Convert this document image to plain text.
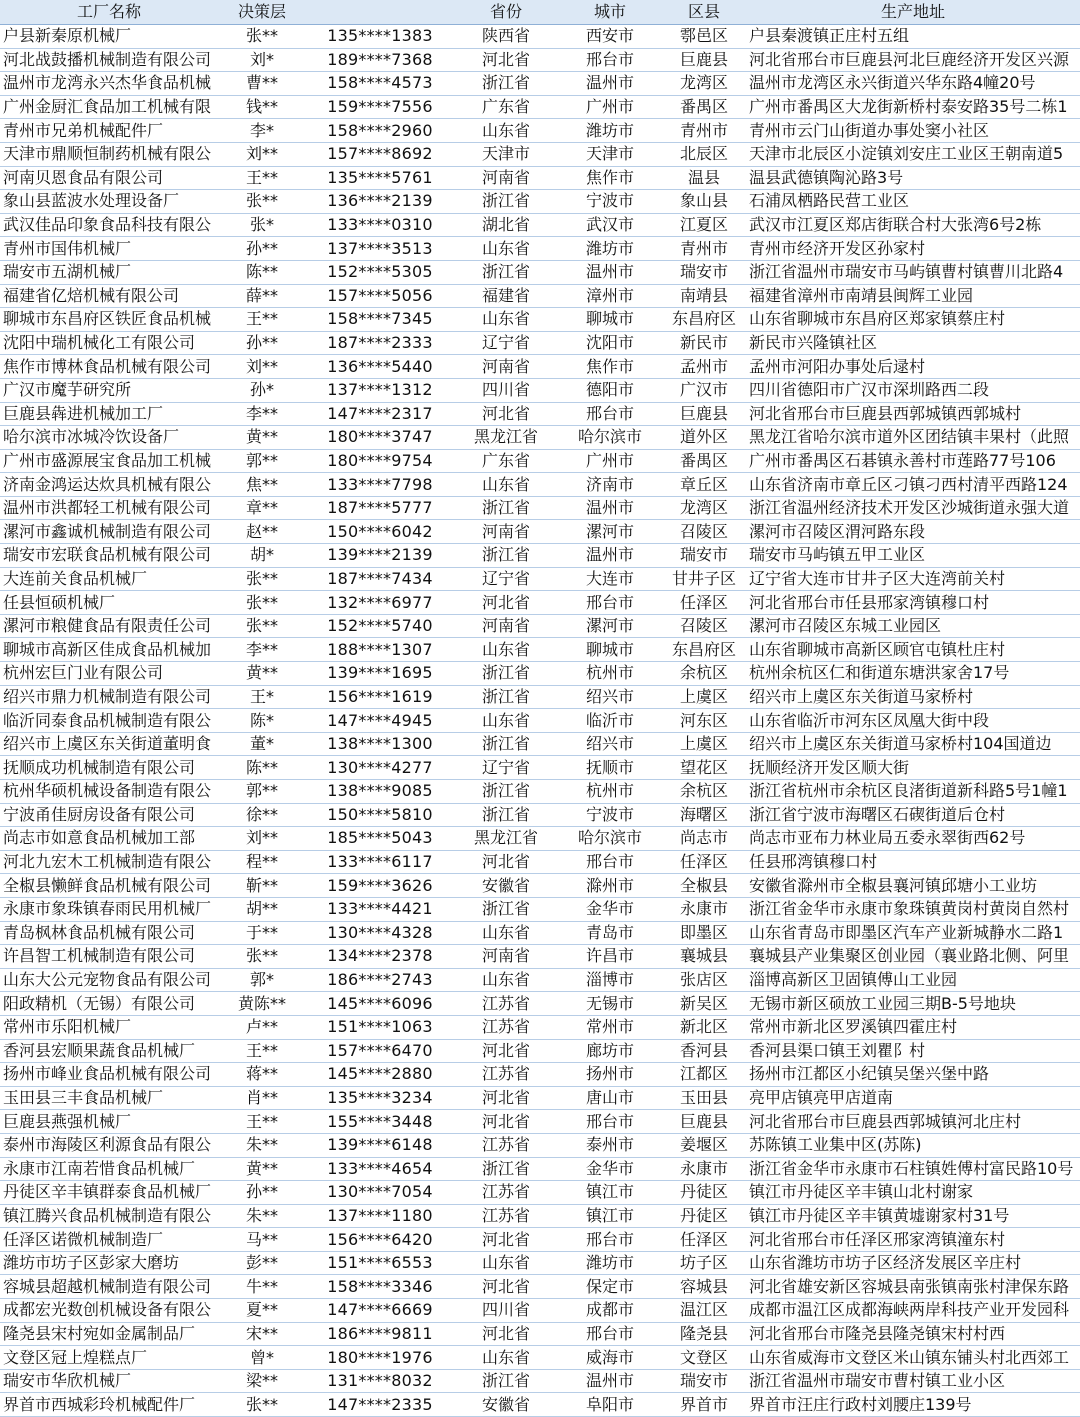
工厂名称	决策层		省份	城市	区县	生产地址
户县新秦原机械厂	张**	135****1383	陕西省	西安市	鄠邑区	户县秦渡镇正庄村五组
河北战鼓播机械制造有限公司	刘*	189****7368	河北省	邢台市	巨鹿县	河北省邢台市巨鹿县河北巨鹿经济开发区兴源
温州市龙湾永兴杰华食品机械	曹**	158****4573	浙江省	温州市	龙湾区	温州市龙湾区永兴街道兴华东路4幢20号
广州金厨汇食品加工机械有限	钱**	159****7556	广东省	广州市	番禺区	广州市番禺区大龙街新桥村泰安路35号二栋1
青州市兄弟机械配件厂	李*	158****2960	山东省	潍坊市	青州市	青州市云门山街道办事处窦小社区
天津市鼎顺恒制药机械有限公	刘**	157****8692	天津市	天津市	北辰区	天津市北辰区小淀镇刘安庄工业区王朝南道5
河南贝恩食品有限公司	王**	135****5761	河南省	焦作市	温县	温县武德镇陶沁路3号
象山县蓝波水处理设备厂	张**	136****2139	浙江省	宁波市	象山县	石浦凤栖路民营工业区
武汉佳品印象食品科技有限公	张*	133****0310	湖北省	武汉市	江夏区	武汉市江夏区郑店街联合村大张湾6号2栋
青州市国伟机械厂	孙**	137****3513	山东省	潍坊市	青州市	青州市经济开发区孙家村
瑞安市五湖机械厂	陈**	152****5305	浙江省	温州市	瑞安市	浙江省温州市瑞安市马屿镇曹村镇曹川北路4
福建省亿焙机械有限公司	薛**	157****5056	福建省	漳州市	南靖县	福建省漳州市南靖县闽辉工业园
聊城市东昌府区铁匠食品机械	王**	158****7345	山东省	聊城市	东昌府区	山东省聊城市东昌府区郑家镇蔡庄村
沈阳中瑞机械化工有限公司	孙**	187****2333	辽宁省	沈阳市	新民市	新民市兴隆镇社区
焦作市博林食品机械有限公司	刘**	136****5440	河南省	焦作市	孟州市	孟州市河阳办事处后逯村
广汉市魔芋研究所	孙*	137****1312	四川省	德阳市	广汉市	四川省德阳市广汉市深圳路西二段
巨鹿县犇进机械加工厂	李**	147****2317	河北省	邢台市	巨鹿县	河北省邢台市巨鹿县西郭城镇西郭城村
哈尔滨市冰城冷饮设备厂	黄**	180****3747	黑龙江省	哈尔滨市	道外区	黑龙江省哈尔滨市道外区团结镇丰果村（此照
广州市盛源展宝食品加工机械	郭**	180****9754	广东省	广州市	番禺区	广州市番禺区石碁镇永善村市莲路77号106
济南金鸿运达炊具机械有限公	焦**	133****7798	山东省	济南市	章丘区	山东省济南市章丘区刁镇刁西村清平西路124
温州市洪都轻工机械有限公司	章**	187****5777	浙江省	温州市	龙湾区	浙江省温州经济技术开发区沙城街道永强大道
漯河市鑫诚机械制造有限公司	赵**	150****6042	河南省	漯河市	召陵区	漯河市召陵区渭河路东段
瑞安市宏联食品机械有限公司	胡*	139****2139	浙江省	温州市	瑞安市	瑞安市马屿镇五甲工业区
大连前关食品机械厂	张**	187****7434	辽宁省	大连市	甘井子区	辽宁省大连市甘井子区大连湾前关村
任县恒硕机械厂	张**	132****6977	河北省	邢台市	任泽区	河北省邢台市任县邢家湾镇穆口村
漯河市粮健食品有限责任公司	张**	152****5740	河南省	漯河市	召陵区	漯河市召陵区东城工业园区
聊城市高新区佳成食品机械加	李**	188****1307	山东省	聊城市	东昌府区	山东省聊城市高新区顾官屯镇杜庄村
杭州宏巨门业有限公司	黄**	139****1695	浙江省	杭州市	余杭区	杭州余杭区仁和街道东塘洪家舍17号
绍兴市鼎力机械制造有限公司	王*	156****1619	浙江省	绍兴市	上虞区	绍兴市上虞区东关街道马家桥村
临沂同泰食品机械制造有限公	陈*	147****4945	山东省	临沂市	河东区	山东省临沂市河东区凤凰大街中段
绍兴市上虞区东关街道董明食	董*	138****1300	浙江省	绍兴市	上虞区	绍兴市上虞区东关街道马家桥村104国道边
抚顺成功机械制造有限公司	陈**	130****4277	辽宁省	抚顺市	望花区	抚顺经济开发区顺大街
杭州华硕机械设备制造有限公	郭**	138****9085	浙江省	杭州市	余杭区	浙江省杭州市余杭区良渚街道新科路5号1幢1
宁波甬佳厨房设备有限公司	徐**	150****5810	浙江省	宁波市	海曙区	浙江省宁波市海曙区石碶街道后仓村
尚志市如意食品机械加工部	刘**	185****5043	黑龙江省	哈尔滨市	尚志市	尚志市亚布力林业局五委永翠街西62号
河北九宏木工机械制造有限公	程**	133****6117	河北省	邢台市	任泽区	任县邢湾镇穆口村
全椒县懒鲜食品机械有限公司	靳**	159****3626	安徽省	滁州市	全椒县	安徽省滁州市全椒县襄河镇邱塘小工业坊
永康市象珠镇春雨民用机械厂	胡**	133****4421	浙江省	金华市	永康市	浙江省金华市永康市象珠镇黄岗村黄岗自然村
青岛枫林食品机械有限公司	于**	130****4328	山东省	青岛市	即墨区	山东省青岛市即墨区汽车产业新城静水二路1
许昌智工机械制造有限公司	张**	134****2378	河南省	许昌市	襄城县	襄城县产业集聚区创业园（襄业路北侧、阿里
山东大公元宠物食品有限公司	郭*	186****2743	山东省	淄博市	张店区	淄博高新区卫固镇傅山工业园
阳政精机（无锡）有限公司	黄陈**	145****6096	江苏省	无锡市	新吴区	无锡市新区硕放工业园三期B-5号地块
常州市乐阳机械厂	卢**	151****1063	江苏省	常州市	新北区	常州市新北区罗溪镇四霍庄村
香河县宏顺果蔬食品机械厂	王**	157****6470	河北省	廊坊市	香河县	香河县渠口镇王刘瞿阝村
扬州市峰业食品机械有限公司	蒋**	145****2880	江苏省	扬州市	江都区	扬州市江都区小纪镇吴堡兴堡中路
玉田县三丰食品机械厂	肖**	135****3234	河北省	唐山市	玉田县	亮甲店镇亮甲店道南
巨鹿县燕强机械厂	王**	155****3448	河北省	邢台市	巨鹿县	河北省邢台市巨鹿县西郭城镇河北庄村
泰州市海陵区利源食品有限公	朱**	139****6148	江苏省	泰州市	姜堰区	苏陈镇工业集中区(苏陈)
永康市江南若惜食品机械厂	黄**	133****4654	浙江省	金华市	永康市	浙江省金华市永康市石柱镇姓傅村富民路10号
丹徒区辛丰镇群泰食品机械厂	孙**	130****7054	江苏省	镇江市	丹徒区	镇江市丹徒区辛丰镇山北村谢家
镇江腾兴食品机械制造有限公	朱**	137****1180	江苏省	镇江市	丹徒区	镇江市丹徒区辛丰镇黄墟谢家村31号
任泽区诺微机械制造厂	马**	156****6420	河北省	邢台市	任泽区	河北省邢台市任泽区邢家湾镇潼东村
潍坊市坊子区彭家大磨坊	彭**	151****6553	山东省	潍坊市	坊子区	山东省潍坊市坊子区经济发展区辛庄村
容城县超越机械制造有限公司	牛**	158****3346	河北省	保定市	容城县	河北省雄安新区容城县南张镇南张村津保东路
成都宏光数创机械设备有限公	夏**	147****6669	四川省	成都市	温江区	成都市温江区成都海峡两岸科技产业开发园科
隆尧县宋村宛如金属制品厂	宋**	186****9811	河北省	邢台市	隆尧县	河北省邢台市隆尧县隆尧镇宋村村西
文登区冠上煌糕点厂	曾*	180****1976	山东省	威海市	文登区	山东省威海市文登区米山镇东铺头村北西郊工
瑞安市华欣机械厂	梁**	131****8032	浙江省	温州市	瑞安市	浙江省温州市瑞安市曹村镇工业小区
界首市西城彩玲机械配件厂	张**	147****2335	安徽省	阜阳市	界首市	界首市汪庄行政村刘腰庄139号
